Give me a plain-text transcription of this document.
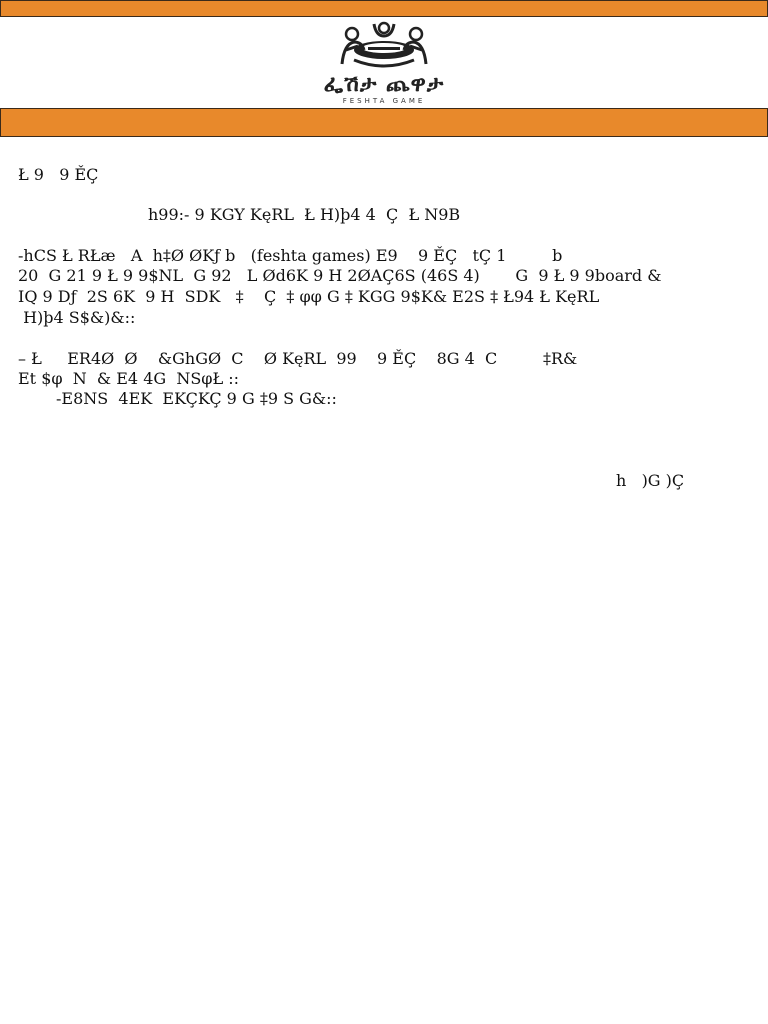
ፌሽታ ጨዋታ
FESHTA GAME
Ł 9   9 ĚÇ
h99:- 9 KGY KęRL  Ł H)þ4 4  Ç  Ł N9B
-hCS Ł RŁæ   A  h‡Ø ØKƒ b   (feshta games) E9    9 ĚÇ   tÇ 1         b
20  G 21 9 Ł 9 9$NL  G 92   L Ød6K 9 H 2ØAÇ6S (46S 4)       G  9 Ł 9 9board &
IQ 9 Dƒ  2S 6K  9 H  SDK   ‡    Ç  ‡ φφ G ‡ KGG 9$K& E2S ‡ Ł94 Ł KęRL
H)þ4 S$&)&::
– Ł     ER4Ø  Ø    &GhGØ  C    Ø KęRL  99    9 ĚÇ    8G 4  C         ‡R&
Et $φ  N  & E4 4G  NSφŁ ::
-E8NS  4EK  EKÇKÇ 9 G ‡9 S G&::
h   )G )Ç
